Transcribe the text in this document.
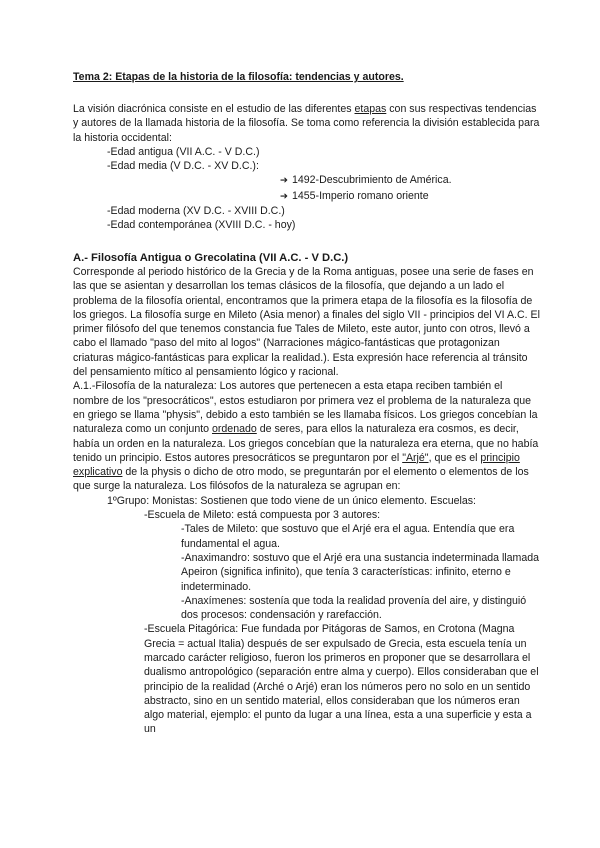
Tema 2: Etapas de la historia de la filosofía: tendencias y autores.

La visión diacrónica consiste en el estudio de las diferentes etapas con sus respectivas tendencias y autores de la llamada historia de la filosofía. Se toma como referencia la división establecida para la historia occidental:

-Edad antigua (VII A.C. - V D.C.)

-Edad media (V D.C. - XV D.C.):

➔ 1492-Descubrimiento de América.

➔ 1455-Imperio romano oriente

-Edad moderna (XV D.C. - XVIII D.C.)

-Edad contemporánea (XVIII D.C. - hoy)

A.- Filosofía Antigua o Grecolatina (VII A.C. - V D.C.)

Corresponde al periodo histórico de la Grecia y de la Roma antiguas, posee una serie de fases en las que se asientan y desarrollan los temas clásicos de la filosofía, que dejando a un lado el problema de la filosofía oriental, encontramos que la primera etapa de la filosofía es la filosofía de los griegos. La filosofía surge en Mileto (Asia menor) a finales del siglo VII - principios del VI A.C. El primer filósofo del que tenemos constancia fue Tales de Mileto, este autor, junto con otros, llevó a cabo el llamado "paso del mito al logos" (Narraciones mágico-fantásticas que protagonizan criaturas mágico-fantásticas para explicar la realidad.). Esta expresión hace referencia al tránsito del pensamiento mítico al pensamiento lógico y racional.

A.1.-Filosofía de la naturaleza: Los autores que pertenecen a esta etapa reciben también el nombre de los "presocráticos", estos estudiaron por primera vez el problema de la naturaleza que en griego se llama "physis", debido a esto también se les llamaba físicos. Los griegos concebían la naturaleza como un conjunto ordenado de seres, para ellos la naturaleza era cosmos, es decir, había un orden en la naturaleza. Los griegos concebían que la naturaleza era eterna, que no había tenido un principio. Estos autores presocráticos se preguntaron por el "Arjé", que es el principio explicativo de la physis o dicho de otro modo, se preguntarán por el elemento o elementos de los que surge la naturaleza. Los filósofos de la naturaleza se agrupan en:

1ºGrupo: Monistas: Sostienen que todo viene de un único elemento. Escuelas:

-Escuela de Mileto: está compuesta por 3 autores:

-Tales de Mileto: que sostuvo que el Arjé era el agua. Entendía que era fundamental el agua.

-Anaximandro: sostuvo que el Arjé era una sustancia indeterminada llamada Apeiron (significa infinito), que tenía 3 características: infinito, eterno e indeterminado.

-Anaxímenes: sostenía que toda la realidad provenía del aire, y distinguió dos procesos: condensación y rarefacción.

-Escuela Pitagórica: Fue fundada por Pitágoras de Samos, en Crotona (Magna Grecia = actual Italia) después de ser expulsado de Grecia, esta escuela tenía un marcado carácter religioso, fueron los primeros en proponer que se desarrollara el dualismo antropológico (separación entre alma y cuerpo). Ellos consideraban que el principio de la realidad (Arché o Arjé) eran los números pero no solo en un sentido abstracto, sino en un sentido material, ellos consideraban que los números eran algo material, ejemplo: el punto da lugar a una línea, esta a una superficie y esta a un
